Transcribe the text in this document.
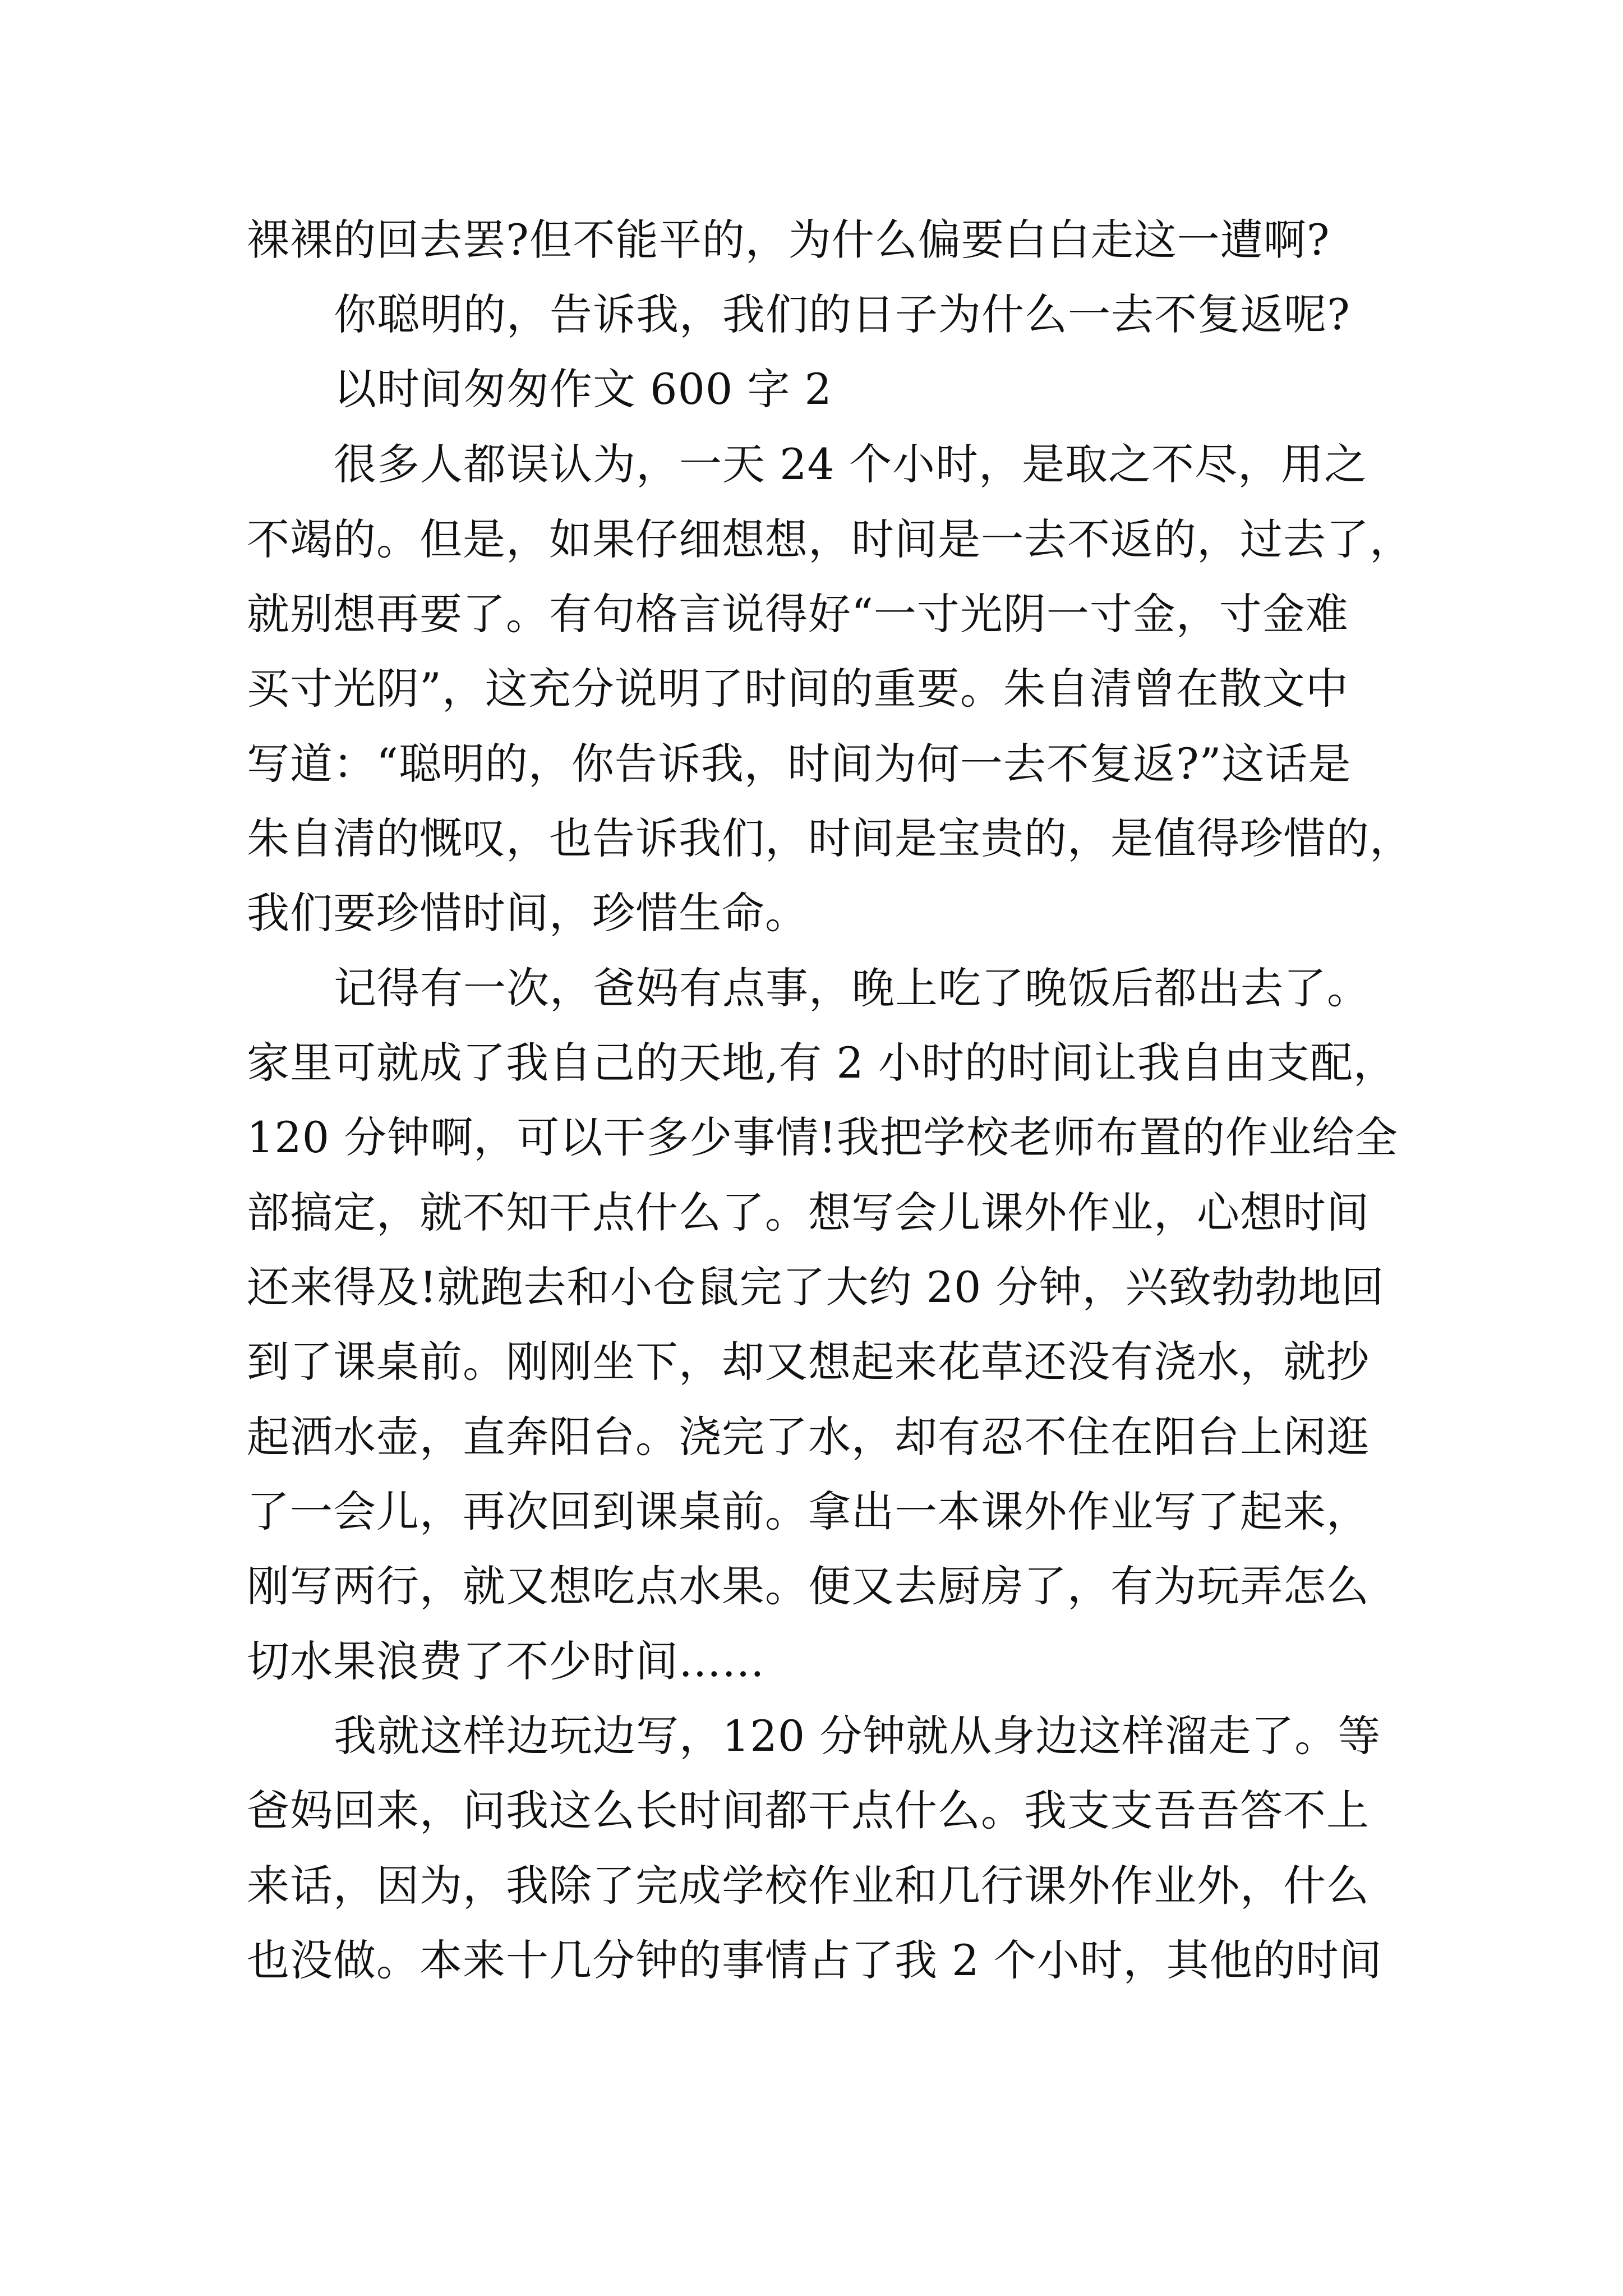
裸裸的回去罢?但不能平的，为什么偏要白白走这一遭啊?
你聪明的，告诉我，我们的日子为什么一去不复返呢?
以时间匆匆作文 600 字 2
很多人都误认为，一天 24 个小时，是取之不尽，用之
不竭的。但是，如果仔细想想，时间是一去不返的，过去了，
就别想再要了。有句格言说得好“一寸光阴一寸金，寸金难
买寸光阴”，这充分说明了时间的重要。朱自清曾在散文中
写道：“聪明的，你告诉我，时间为何一去不复返?”这话是
朱自清的慨叹，也告诉我们，时间是宝贵的，是值得珍惜的，
我们要珍惜时间，珍惜生命。
记得有一次，爸妈有点事，晚上吃了晚饭后都出去了。
家里可就成了我自己的天地,有 2 小时的时间让我自由支配，
120 分钟啊，可以干多少事情!我把学校老师布置的作业给全
部搞定，就不知干点什么了。想写会儿课外作业，心想时间
还来得及!就跑去和小仓鼠完了大约 20 分钟，兴致勃勃地回
到了课桌前。刚刚坐下，却又想起来花草还没有浇水，就抄
起洒水壶，直奔阳台。浇完了水，却有忍不住在阳台上闲逛
了一会儿，再次回到课桌前。拿出一本课外作业写了起来，
刚写两行，就又想吃点水果。便又去厨房了，有为玩弄怎么
切水果浪费了不少时间……
我就这样边玩边写，120 分钟就从身边这样溜走了。等
爸妈回来，问我这么长时间都干点什么。我支支吾吾答不上
来话，因为，我除了完成学校作业和几行课外作业外，什么
也没做。本来十几分钟的事情占了我 2 个小时，其他的时间
